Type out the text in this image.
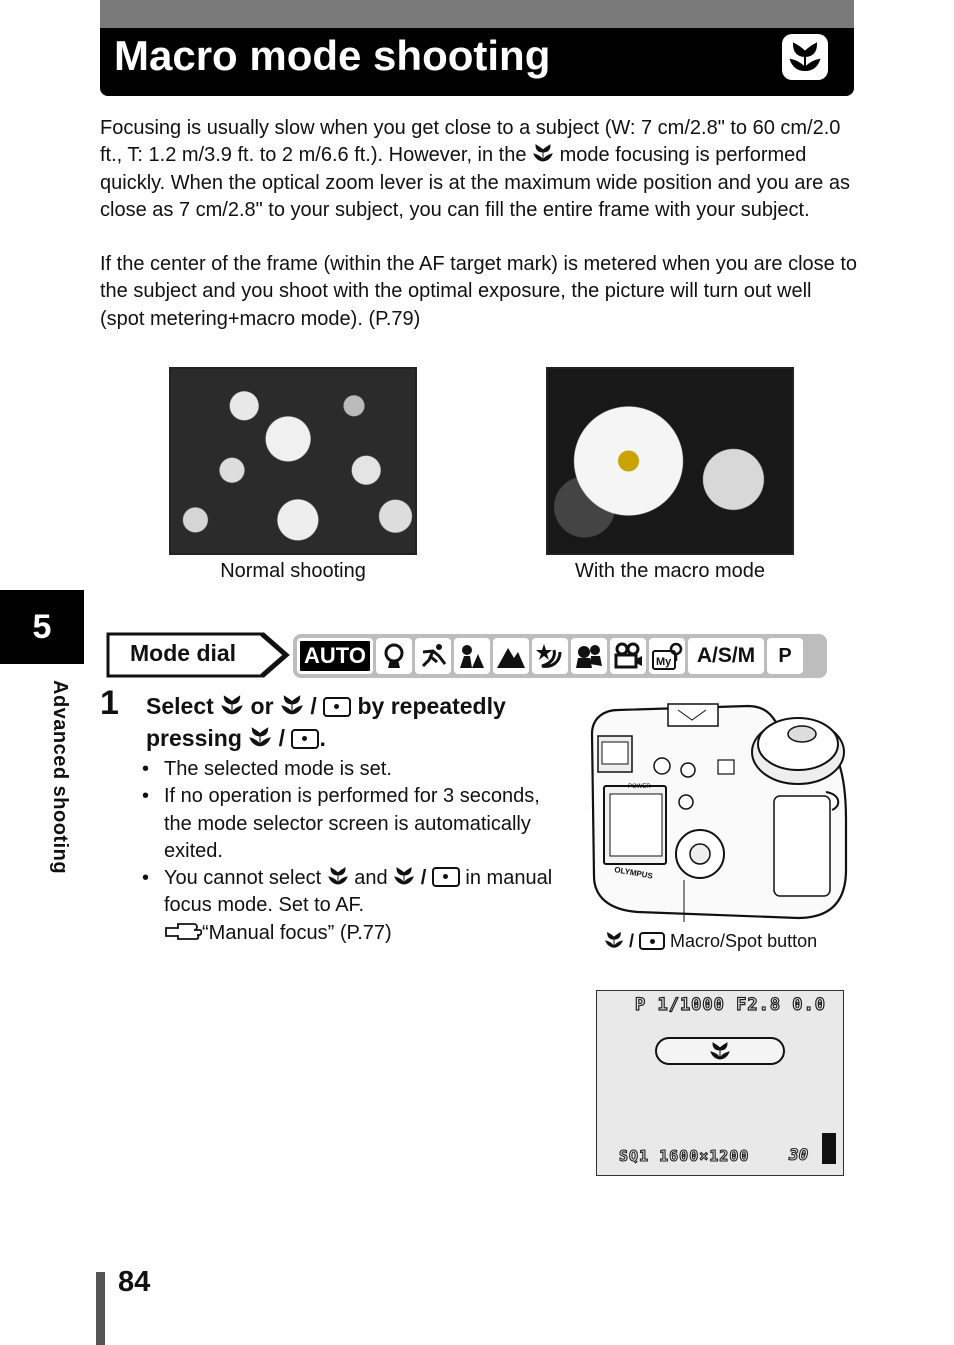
Macro mode shooting
Focusing is usually slow when you get close to a subject (W: 7 cm/2.8" to 60 cm/2.0 ft., T: 1.2 m/3.9 ft. to 2 m/6.6 ft.). However, in the  mode focusing is performed quickly. When the optical zoom lever is at the maximum wide position and you are as close as 7 cm/2.8" to your subject, you can fill the entire frame with your subject.
If the center of the frame (within the AF target mark) is metered when you are close to the subject and you shoot with the optimal exposure, the picture will turn out well (spot metering+macro mode). (P.79)
Normal shooting	With the macro mode
5
Advanced shooting
Mode dial	AUTO	My	A/S/M	P
1 Select  or  /  by repeatedly pressing  / .
• The selected mode is set.
• If no operation is performed for 3 seconds, the mode selector screen is automatically exited.
• You cannot select  and  /  in manual focus mode. Set to AF.
“Manual focus” (P.77)
POWER
OLYMPUS
/  Macro/Spot button
P 1/1000 F2.8 0.0
SQ1 1600×1200 30
84
